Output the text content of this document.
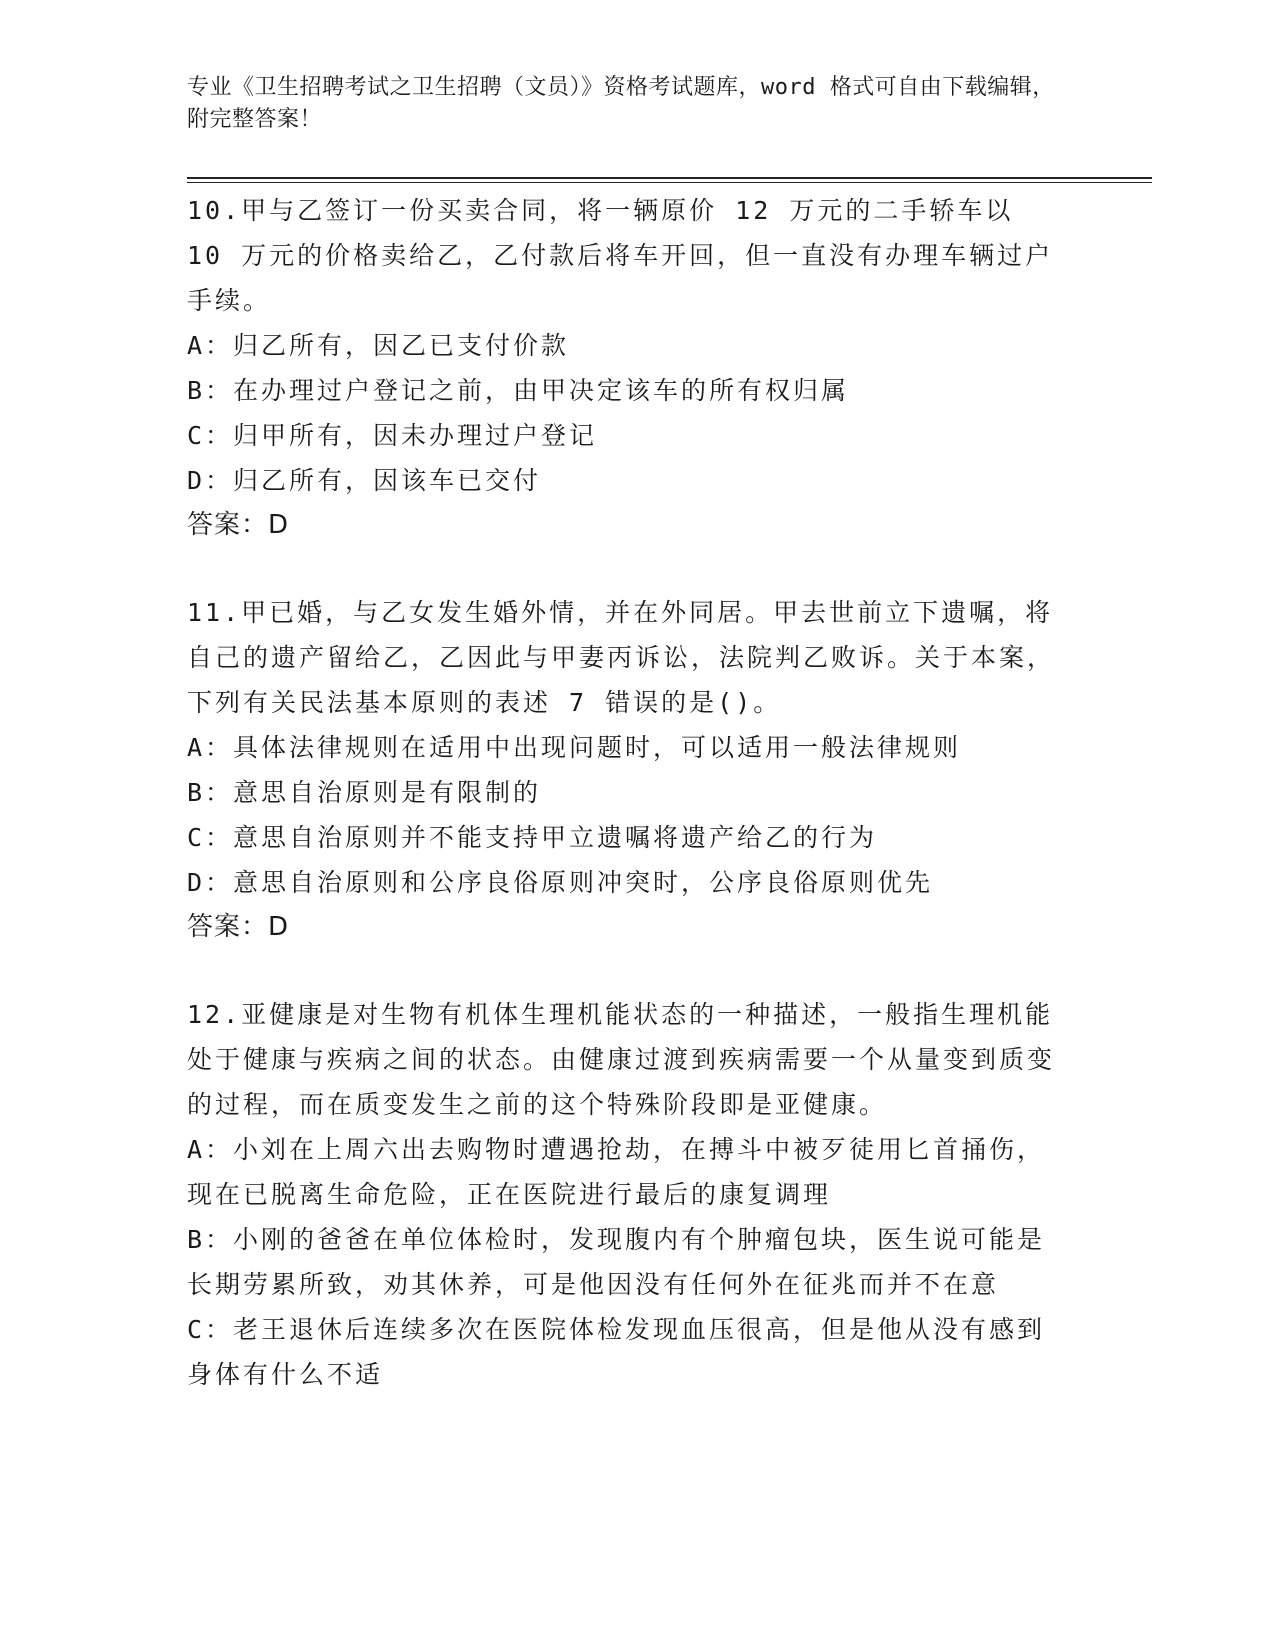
专业《卫生招聘考试之卫生招聘（文员）》资格考试题库，word 格式可自由下载编辑，附完整答案！

10.甲与乙签订一份买卖合同，将一辆原价 12 万元的二手轿车以 10 万元的价格卖给乙，乙付款后将车开回，但一直没有办理车辆过户手续。

A：归乙所有，因乙已支付价款

B：在办理过户登记之前，由甲决定该车的所有权归属

C：归甲所有，因未办理过户登记

D：归乙所有，因该车已交付

答案：D

11.甲已婚，与乙女发生婚外情，并在外同居。甲去世前立下遗嘱，将自己的遗产留给乙，乙因此与甲妻丙诉讼，法院判乙败诉。关于本案，下列有关民法基本原则的表述 7 错误的是()。

A：具体法律规则在适用中出现问题时，可以适用一般法律规则

B：意思自治原则是有限制的

C：意思自治原则并不能支持甲立遗嘱将遗产给乙的行为

D：意思自治原则和公序良俗原则冲突时，公序良俗原则优先

答案：D

12.亚健康是对生物有机体生理机能状态的一种描述，一般指生理机能处于健康与疾病之间的状态。由健康过渡到疾病需要一个从量变到质变的过程，而在质变发生之前的这个特殊阶段即是亚健康。

A：小刘在上周六出去购物时遭遇抢劫，在搏斗中被歹徒用匕首捅伤，现在已脱离生命危险，正在医院进行最后的康复调理

B：小刚的爸爸在单位体检时，发现腹内有个肿瘤包块，医生说可能是长期劳累所致，劝其休养，可是他因没有任何外在征兆而并不在意

C：老王退休后连续多次在医院体检发现血压很高，但是他从没有感到身体有什么不适
